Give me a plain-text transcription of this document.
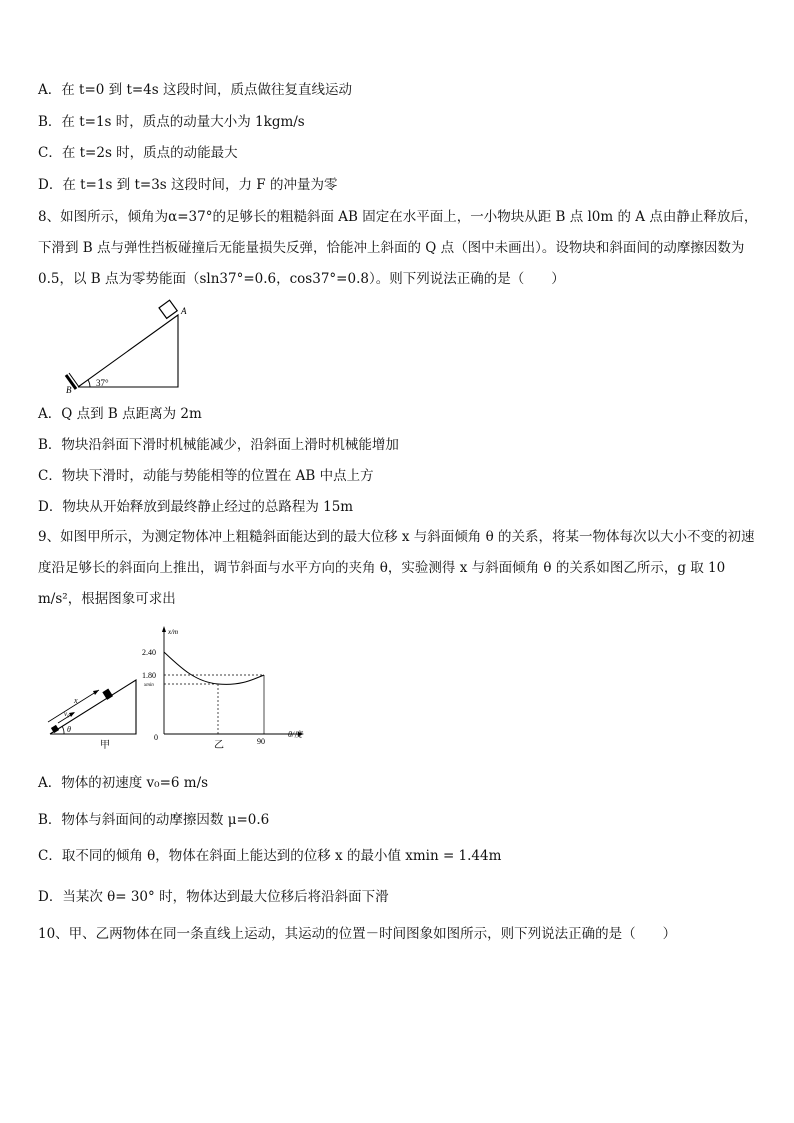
A．在 t=0 到 t=4s 这段时间，质点做往复直线运动
B．在 t=1s 时，质点的动量大小为 1kgm/s
C．在 t=2s 时，质点的动能最大
D．在 t=1s 到 t=3s 这段时间，力 F 的冲量为零
8、如图所示，倾角为α=37°的足够长的粗糙斜面 AB 固定在水平面上，一小物块从距 B 点 l0m 的 A 点由静止释放后，下滑到 B 点与弹性挡板碰撞后无能量损失反弹，恰能冲上斜面的 Q 点（图中未画出）。设物块和斜面间的动摩擦因数为 0.5，以 B 点为零势能面（sln37°=0.6，cos37°=0.8）。则下列说法正确的是（　　）
A
B
37°
A．Q 点到 B 点距离为 2m
B．物块沿斜面下滑时机械能减少，沿斜面上滑时机械能增加
C．物块下滑时，动能与势能相等的位置在 AB 中点上方
D．物块从开始释放到最终静止经过的总路程为 15m
9、如图甲所示，为测定物体冲上粗糙斜面能达到的最大位移 x 与斜面倾角 θ 的关系，将某一物体每次以大小不变的初速度沿足够长的斜面向上推出，调节斜面与水平方向的夹角 θ，实验测得 x 与斜面倾角 θ 的关系如图乙所示，g 取 10 m/s²，根据图象可求出
x
v₀
θ
甲
x/m
2.40
1.80
xmin
0	90
θ/度
乙
A．物体的初速度 v₀=6 m/s
B．物体与斜面间的动摩擦因数 μ=0.6
C．取不同的倾角 θ，物体在斜面上能达到的位移 x 的最小值 xmin = 1.44m
D．当某次 θ= 30° 时，物体达到最大位移后将沿斜面下滑
10、甲、乙两物体在同一条直线上运动，其运动的位置－时间图象如图所示，则下列说法正确的是（　　）
